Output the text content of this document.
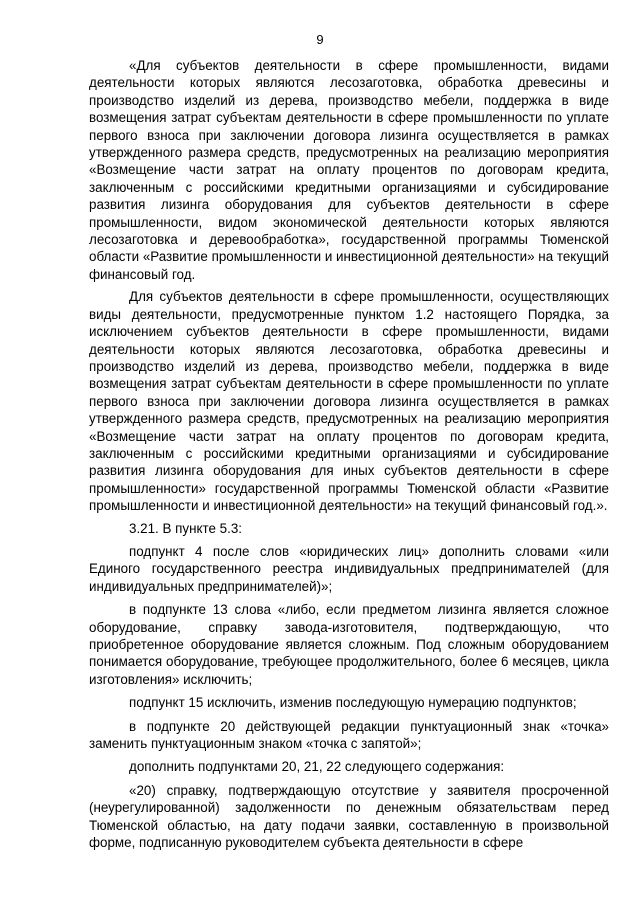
9

«Для субъектов деятельности в сфере промышленности, видами деятельности которых являются лесозаготовка, обработка древесины и производство изделий из дерева, производство мебели, поддержка в виде возмещения затрат субъектам деятельности в сфере промышленности по уплате первого взноса при заключении договора лизинга осуществляется в рамках утвержденного размера средств, предусмотренных на реализацию мероприятия «Возмещение части затрат на оплату процентов по договорам кредита, заключенным с российскими кредитными организациями и субсидирование развития лизинга оборудования для субъектов деятельности в сфере промышленности, видом экономической деятельности которых являются лесозаготовка и деревообработка», государственной программы Тюменской области «Развитие промышленности и инвестиционной деятельности» на текущий финансовый год.

Для субъектов деятельности в сфере промышленности, осуществляющих виды деятельности, предусмотренные пунктом 1.2 настоящего Порядка, за исключением субъектов деятельности в сфере промышленности, видами деятельности которых являются лесозаготовка, обработка древесины и производство изделий из дерева, производство мебели, поддержка в виде возмещения затрат субъектам деятельности в сфере промышленности по уплате первого взноса при заключении договора лизинга осуществляется в рамках утвержденного размера средств, предусмотренных на реализацию мероприятия «Возмещение части затрат на оплату процентов по договорам кредита, заключенным с российскими кредитными организациями и субсидирование развития лизинга оборудования для иных субъектов деятельности в сфере промышленности» государственной программы Тюменской области «Развитие промышленности и инвестиционной деятельности» на текущий финансовый год.».

3.21. В пункте 5.3:

подпункт 4 после слов «юридических лиц» дополнить словами «или Единого государственного реестра индивидуальных предпринимателей (для индивидуальных предпринимателей)»;

в подпункте 13 слова «либо, если предметом лизинга является сложное оборудование, справку завода-изготовителя, подтверждающую, что приобретенное оборудование является сложным. Под сложным оборудованием понимается оборудование, требующее продолжительного, более 6 месяцев, цикла изготовления» исключить;

подпункт 15 исключить, изменив последующую нумерацию подпунктов;

в подпункте 20 действующей редакции пунктуационный знак «точка» заменить пунктуационным знаком «точка с запятой»;

дополнить подпунктами 20, 21, 22 следующего содержания:

«20) справку, подтверждающую отсутствие у заявителя просроченной (неурегулированной) задолженности по денежным обязательствам перед Тюменской областью, на дату подачи заявки, составленную в произвольной форме, подписанную руководителем субъекта деятельности в сфере
